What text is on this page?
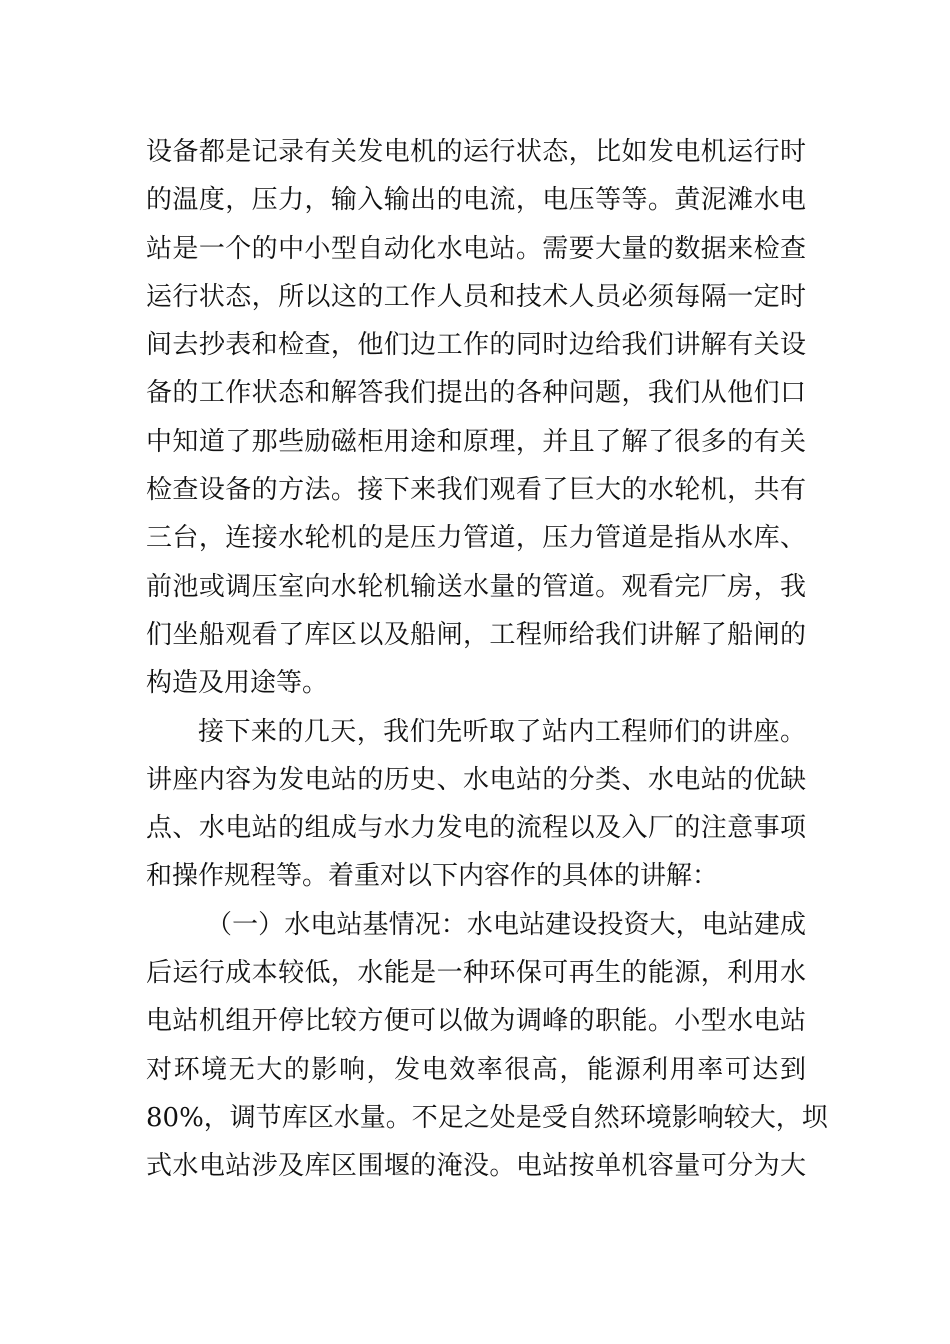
设备都是记录有关发电机的运行状态，比如发电机运行时
的温度，压力，输入输出的电流，电压等等。黄泥滩水电
站是一个的中小型自动化水电站。需要大量的数据来检查
运行状态，所以这的工作人员和技术人员必须每隔一定时
间去抄表和检查，他们边工作的同时边给我们讲解有关设
备的工作状态和解答我们提出的各种问题，我们从他们口
中知道了那些励磁柜用途和原理，并且了解了很多的有关
检查设备的方法。接下来我们观看了巨大的水轮机，共有
三台，连接水轮机的是压力管道，压力管道是指从水库、
前池或调压室向水轮机输送水量的管道。观看完厂房，我
们坐船观看了库区以及船闸，工程师给我们讲解了船闸的
构造及用途等。
接下来的几天，我们先听取了站内工程师们的讲座。
讲座内容为发电站的历史、水电站的分类、水电站的优缺
点、水电站的组成与水力发电的流程以及入厂的注意事项
和操作规程等。着重对以下内容作的具体的讲解：
（一）水电站基情况：水电站建设投资大，电站建成
后运行成本较低，水能是一种环保可再生的能源，利用水
电站机组开停比较方便可以做为调峰的职能。小型水电站
对环境无大的影响，发电效率很高，能源利用率可达到
80%，调节库区水量。不足之处是受自然环境影响较大，坝
式水电站涉及库区围堰的淹没。电站按单机容量可分为大
